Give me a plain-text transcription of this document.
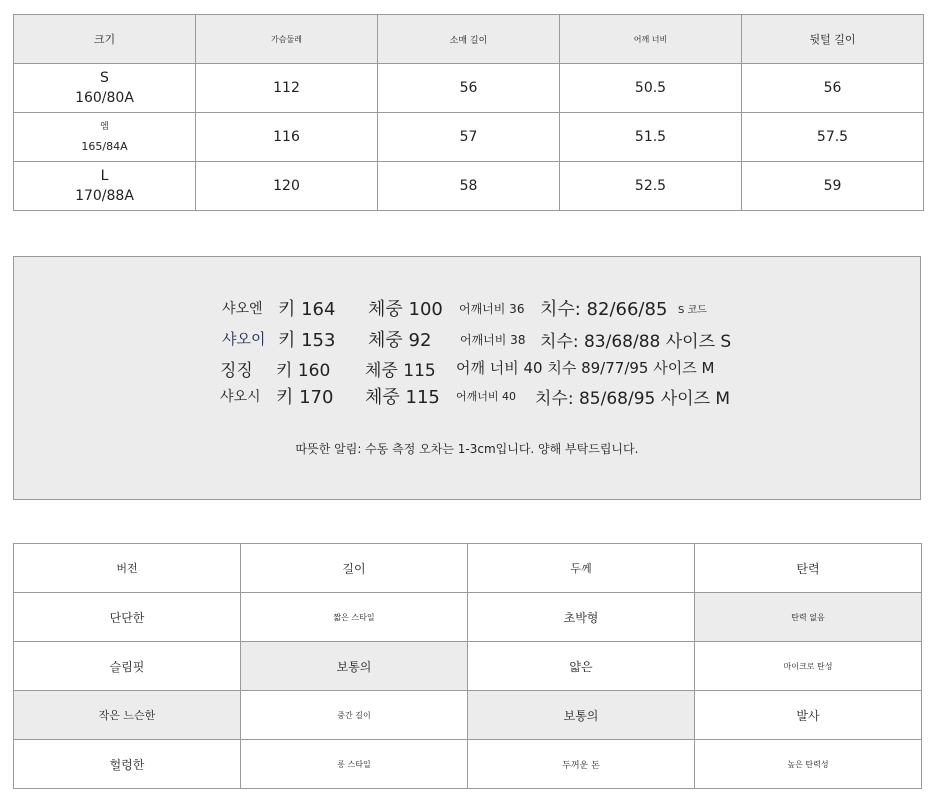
크기	가슴둘레	소매 길이	어깨 너비	뒷털 길이

S
160/80A	112	56	50.5	56

엠
165/84A	116	57	51.5	57.5

L
170/88A	120	58	52.5	59
샤오엔 키 164 체중 100 어깨너비 36 치수: 82/66/85 S 코드
샤오이 키 153 체중 92 어깨너비 38 치수: 83/68/88 사이즈 S
징징 키 160 체중 115 어깨 너비 40 치수 89/77/95 사이즈 M
샤오시 키 170 체중 115 어깨너비 40 치수: 85/68/95 사이즈 M
따뜻한 알림: 수동 측정 오차는 1-3cm입니다. 양해 부탁드립니다.
버전	길이	두께	탄력
단단한	짧은 스타일	초박형	탄력 없음
슬림핏	보통의	얇은	마이크로 탄성
작은 느슨한	중간 길이	보통의	발사
헐렁한	롱 스타일	두꺼운 돈	높은 탄력성
